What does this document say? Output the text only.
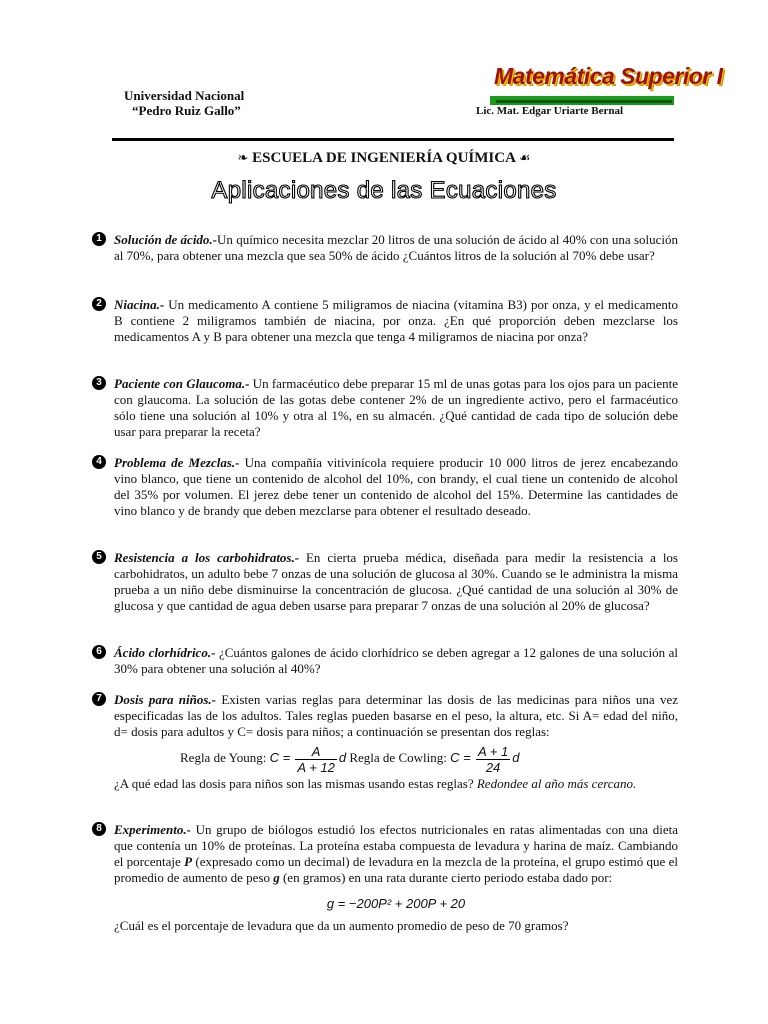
Universidad Nacional
“Pedro Ruiz Gallo”
Matemática Superior I
Lic. Mat. Edgar Uriarte Bernal
❧ ESCUELA DE INGENIERÍA QUÍMICA ☙
Aplicaciones de las Ecuaciones
1 Solución de ácido.-Un químico necesita mezclar 20 litros de una solución de ácido al 40% con una solución al 70%, para obtener una mezcla que sea 50% de ácido ¿Cuántos litros de la solución al 70% debe usar?
2 Niacina.- Un medicamento A contiene 5 miligramos de niacina (vitamina B3) por onza, y el medicamento B contiene 2 miligramos también de niacina, por onza. ¿En qué proporción deben mezclarse los medicamentos A y B para obtener una mezcla que tenga 4 miligramos de niacina por onza?
3 Paciente con Glaucoma.- Un farmacéutico debe preparar 15 ml de unas gotas para los ojos para un paciente con glaucoma. La solución de las gotas debe contener 2% de un ingrediente activo, pero el farmacéutico sólo tiene una solución al 10% y otra al 1%, en su almacén. ¿Qué cantidad de cada tipo de solución debe usar para preparar la receta?
4 Problema de Mezclas.- Una compañía vitivinícola requiere producir 10 000 litros de jerez encabezando vino blanco, que tiene un contenido de alcohol del 10%, con brandy, el cual tiene un contenido de alcohol del 35% por volumen. El jerez debe tener un contenido de alcohol del 15%. Determine las cantidades de vino blanco y de brandy que deben mezclarse para obtener el resultado deseado.
5 Resistencia a los carbohidratos.- En cierta prueba médica, diseñada para medir la resistencia a los carbohidratos, un adulto bebe 7 onzas de una solución de glucosa al 30%. Cuando se le administra la misma prueba a un niño debe disminuirse la concentración de glucosa. ¿Qué cantidad de una solución al 30% de glucosa y que cantidad de agua deben usarse para preparar 7 onzas de una solución al 20% de glucosa?
6 Ácido clorhídrico.- ¿Cuántos galones de ácido clorhídrico se deben agregar a 12 galones de una solución al 30% para obtener una solución al 40%?
7 Dosis para niños.- Existen varias reglas para determinar las dosis de las medicinas para niños una vez especificadas las de los adultos. Tales reglas pueden basarse en el peso, la altura, etc. Si A= edad del niño, d= dosis para adultos y C= dosis para niños; a continuación se presentan dos reglas:
Regla de Young: $C = \frac{A}{A + 12}$ d Regla de Cowling: $C = \frac{A + 1}{24}$ d
¿A qué edad las dosis para niños son las mismas usando estas reglas? Redondee al año más cercano.
8 Experimento.- Un grupo de biólogos estudió los efectos nutricionales en ratas alimentadas con una dieta que contenía un 10% de proteínas. La proteína estaba compuesta de levadura y harina de maíz. Cambiando el porcentaje P (expresado como un decimal) de levadura en la mezcla de la proteína, el grupo estimó que el promedio de aumento de peso g (en gramos) en una rata durante cierto periodo estaba dado por:
g = −200P² + 200P + 20
¿Cuál es el porcentaje de levadura que da un aumento promedio de peso de 70 gramos?
